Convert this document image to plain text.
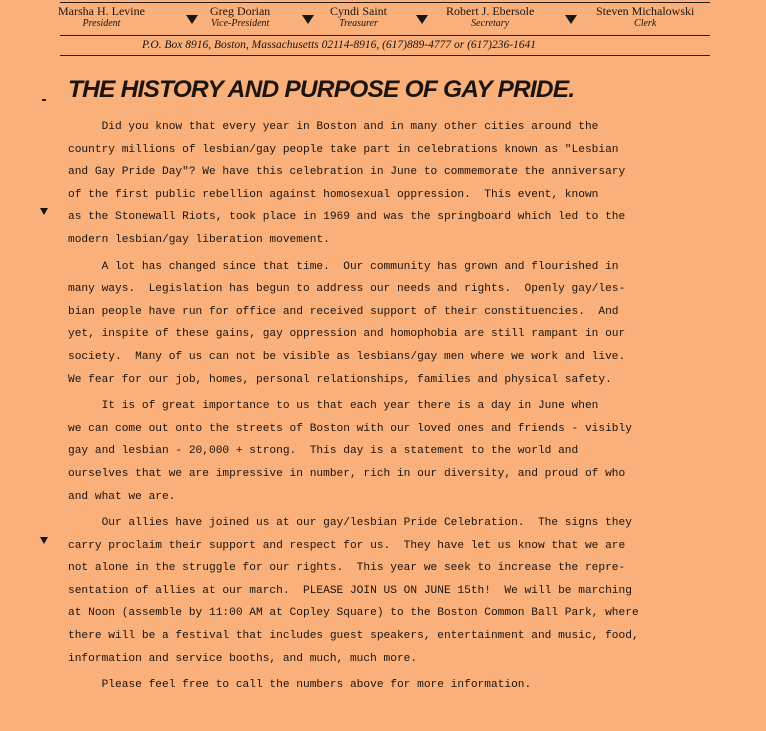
Marsha H. Levine
President
Greg Dorian
Vice-President
Cyndi Saint
Treasurer
Robert J. Ebersole
Secretary
Steven Michalowski
Clerk
P.O. Box 8916, Boston, Massachusetts 02114-8916, (617)889-4777 or (617)236-1641
THE HISTORY AND PURPOSE OF GAY PRIDE.
Did you know that every year in Boston and in many other cities around the
country millions of lesbian/gay people take part in celebrations known as "Lesbian
and Gay Pride Day"? We have this celebration in June to commemorate the anniversary
of the first public rebellion against homosexual oppression.  This event, known
as the Stonewall Riots, took place in 1969 and was the springboard which led to the
modern lesbian/gay liberation movement.
A lot has changed since that time.  Our community has grown and flourished in
many ways.  Legislation has begun to address our needs and rights.  Openly gay/les-
bian people have run for office and received support of their constituencies.  And
yet, inspite of these gains, gay oppression and homophobia are still rampant in our
society.  Many of us can not be visible as lesbians/gay men where we work and live.
We fear for our job, homes, personal relationships, families and physical safety.
It is of great importance to us that each year there is a day in June when
we can come out onto the streets of Boston with our loved ones and friends - visibly
gay and lesbian - 20,000 + strong.  This day is a statement to the world and
ourselves that we are impressive in number, rich in our diversity, and proud of who
and what we are.
Our allies have joined us at our gay/lesbian Pride Celebration.  The signs they
carry proclaim their support and respect for us.  They have let us know that we are
not alone in the struggle for our rights.  This year we seek to increase the repre-
sentation of allies at our march.  PLEASE JOIN US ON JUNE 15th!  We will be marching
at Noon (assemble by 11:00 AM at Copley Square) to the Boston Common Ball Park, where
there will be a festival that includes guest speakers, entertainment and music, food,
information and service booths, and much, much more.
Please feel free to call the numbers above for more information.
